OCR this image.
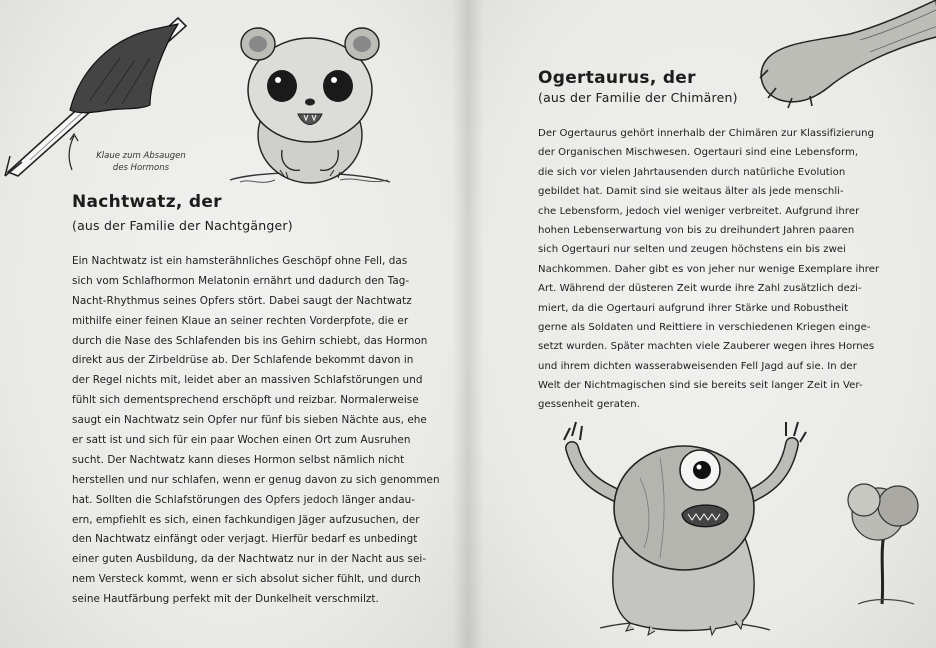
Klaue zum Absaugen
des Hormons
Nachtwatz, der
(aus der Familie der Nachtgänger)
Ein Nachtwatz ist ein hamsterähnliches Geschöpf ohne Fell, das
sich vom Schlafhormon Melatonin ernährt und dadurch den Tag-
Nacht-Rhythmus seines Opfers stört. Dabei saugt der Nachtwatz
mithilfe einer feinen Klaue an seiner rechten Vorderpfote, die er
durch die Nase des Schlafenden bis ins Gehirn schiebt, das Hormon
direkt aus der Zirbeldrüse ab. Der Schlafende bekommt davon in
der Regel nichts mit, leidet aber an massiven Schlafstörungen und
fühlt sich dementsprechend erschöpft und reizbar. Normalerweise
saugt ein Nachtwatz sein Opfer nur fünf bis sieben Nächte aus, ehe
er satt ist und sich für ein paar Wochen einen Ort zum Ausruhen
sucht. Der Nachtwatz kann dieses Hormon selbst nämlich nicht
herstellen und nur schlafen, wenn er genug davon zu sich genommen
hat. Sollten die Schlafstörungen des Opfers jedoch länger andau-
ern, empfiehlt es sich, einen fachkundigen Jäger aufzusuchen, der
den Nachtwatz einfängt oder verjagt. Hierfür bedarf es unbedingt
einer guten Ausbildung, da der Nachtwatz nur in der Nacht aus sei-
nem Versteck kommt, wenn er sich absolut sicher fühlt, und durch
seine Hautfärbung perfekt mit der Dunkelheit verschmilzt.
Ogertaurus, der
(aus der Familie der Chimären)
Der Ogertaurus gehört innerhalb der Chimären zur Klassifizierung
der Organischen Mischwesen. Ogertauri sind eine Lebensform,
die sich vor vielen Jahrtausenden durch natürliche Evolution
gebildet hat. Damit sind sie weitaus älter als jede menschli-
che Lebensform, jedoch viel weniger verbreitet. Aufgrund ihrer
hohen Lebenserwartung von bis zu dreihundert Jahren paaren
sich Ogertauri nur selten und zeugen höchstens ein bis zwei
Nachkommen. Daher gibt es von jeher nur wenige Exemplare ihrer
Art. Während der düsteren Zeit wurde ihre Zahl zusätzlich dezi-
miert, da die Ogertauri aufgrund ihrer Stärke und Robustheit
gerne als Soldaten und Reittiere in verschiedenen Kriegen einge-
setzt wurden. Später machten viele Zauberer wegen ihres Hornes
und ihrem dichten wasserabweisenden Fell Jagd auf sie. In der
Welt der Nichtmagischen sind sie bereits seit langer Zeit in Ver-
gessenheit geraten.
